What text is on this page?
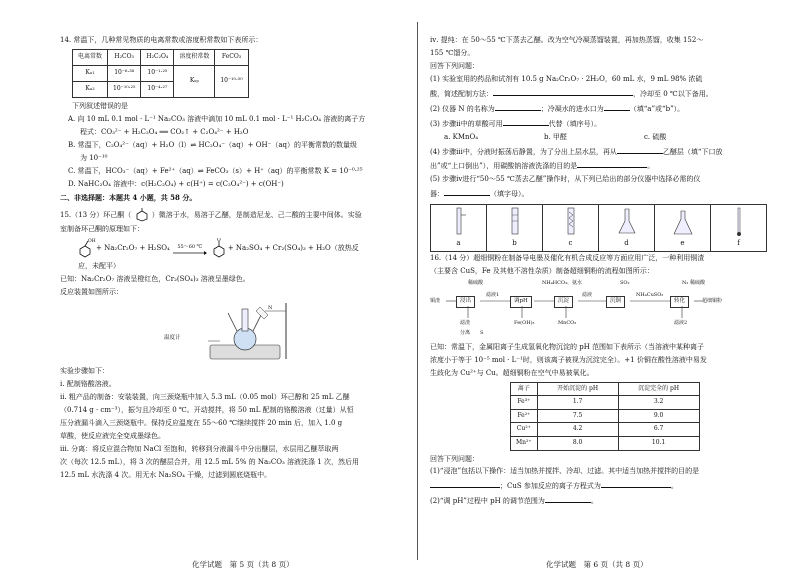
14. 常温下，几种常见物质的电离常数或溶度积常数如下表所示：

电离常数	H₂CO₃	H₂C₂O₄	溶度积常数	FeCO₃
Kₐ₁	10⁻⁶·³⁸	10⁻¹·²⁵	Kₛₚ	10⁻¹⁰·⁵⁰
Kₐ₂	10⁻¹⁰·²⁵	10⁻⁴·²⁷		

下列叙述错误的是

A. 向 10 mL 0.1 mol · L⁻¹ Na₂CO₃ 溶液中滴加 10 mL 0.1 mol · L⁻¹ H₂C₂O₄ 溶液的离子方

程式：CO₃²⁻ + H₂C₂O₄ ══ CO₂↑ + C₂O₄²⁻ + H₂O

B. 常温下，C₂O₄²⁻（aq）+ H₂O（l）⇌ HC₂O₄⁻（aq）+ OH⁻（aq）的平衡常数的数量级

为 10⁻¹⁰

C. 常温下，HCO₃⁻（aq）+ Fe²⁺（aq）⇌ FeCO₃（s）+ H⁺（aq）的平衡常数 K = 10⁻⁰·²⁵

D. NaHC₂O₄ 溶液中：c(H₂C₂O₄) + c(H⁺) = c(C₂O₄²⁻) + c(OH⁻)

二、非选择题：本题共 4 小题，共 58 分。

15.（13 分）环己酮（	）微溶于水，易溶于乙醚，是制造尼龙、己二酸的主要中间体。实验

室制备环己酮的原理如下：

OH
+ Na₂Cr₂O₇ + H₂SO₄ 55～60 ℃
O
+ Na₂SO₄ + Cr₂(SO₄)₃ + H₂O（放热反

应，未配平）

已知：Na₂Cr₂O₇ 溶液呈橙红色，Cr₂(SO₄)₃ 溶液呈墨绿色。

反应装置如图所示：

N
温度计

实验步骤如下：

ⅰ. 配制铬酸溶液。

ⅱ. 粗产品的制备：安装装置，向三颈烧瓶中加入 5.3 mL（0.05 mol）环己醇和 25 mL 乙醚

（0.714 g · cm⁻³），振匀且冷却至 0 ℃。开动搅拌，将 50 mL 配制的铬酸溶液（过量）从恒

压分液漏斗滴入三颈烧瓶中。保持反应温度在 55～60 ℃继续搅拌 20 min 后，加入 1.0 g

草酸，使反应液完全变成墨绿色。

ⅲ. 分离：将反应混合物加 NaCl 至饱和，转移到分液漏斗中分出醚层，水层用乙醚萃取两

次（每次 12.5 mL），将 3 次的醚层合并，用 12.5 mL 5% 的 Na₂CO₃ 溶液洗涤 1 次，然后用

12.5 mL 水洗涤 4 次。用无水 Na₂SO₄ 干燥，过滤到圆底烧瓶中。

ⅳ. 提纯：在 50～55 ℃下蒸去乙醚。改为空气冷凝蒸馏装置，再加热蒸馏，收集 152～

155 ℃馏分。

回答下列问题：

(1) 实验室用的药品和试剂有 10.5 g Na₂Cr₂O₇ · 2H₂O，60 mL 水，9 mL 98% 浓硫

酸，简述配制方法：	，冷却至 0 ℃以下备用。

(2) 仪器 N 的名称为	；冷凝水的进水口为	（填“a”或“b”）。

(3) 步骤ⅱ中的草酸可用	代替（填序号）。

a. KMnO₄	b. 甲醛	c. 硫酸

(4) 步骤ⅲ中，分液时振荡后静置，为了分出上层水层，再从	乙醚层（填“下口放

出”或“上口倒出”），用碳酸钠溶液洗涤的目的是	。

(5) 步骤ⅳ进行“50～55 ℃蒸去乙醚”操作时，从下列已给出的部分仪器中选择必需的仪

器：	（填字母）。

a	b	c	d	e	f

16.（14 分）超细铜粉在制备导电墨及催化有机合成反应等方面应用广泛，一种利用铜渣

（主要含 CuS，Fe 及其他不溶性杂质）制备超细铜粉的流程如图所示：

稀硫酸	NH₄HCO₃、氨水	SO₂	N₂ 稀硫酸
铜渣	浸出
滤液1
调pH	沉淀
滤液
沉铜
NH₄CuSO₃
转化	超细铜粉
滤渣
分离 S
Fe(OH)₃	MnCO₃	滤液2

已知：常温下，金属阳离子生成氢氧化物沉淀的 pH 范围如下表所示（当溶液中某种离子

浓度小于等于 10⁻⁵ mol · L⁻¹时，则该离子被视为沉淀完全）。+1 价铜在酸性溶液中易发

生歧化为 Cu²⁺与 Cu。超细铜粉在空气中易被氧化。

离子	开始沉淀的 pH	沉淀完全的 pH
Fe³⁺	1.7	3.2
Fe²⁺	7.5	9.0
Cu²⁺	4.2	6.7
Mn²⁺	8.0	10.1

回答下列问题：

(1)“浸泡”包括以下操作：适当加热并搅拌、冷却、过滤。其中适当加热并搅拌的目的是

；CuS 参加反应的离子方程式为	。

(2)“调 pH”过程中 pH 的调节范围为	。

化学试题　第 5 页（共 8 页）	化学试题　第 6 页（共 8 页）
